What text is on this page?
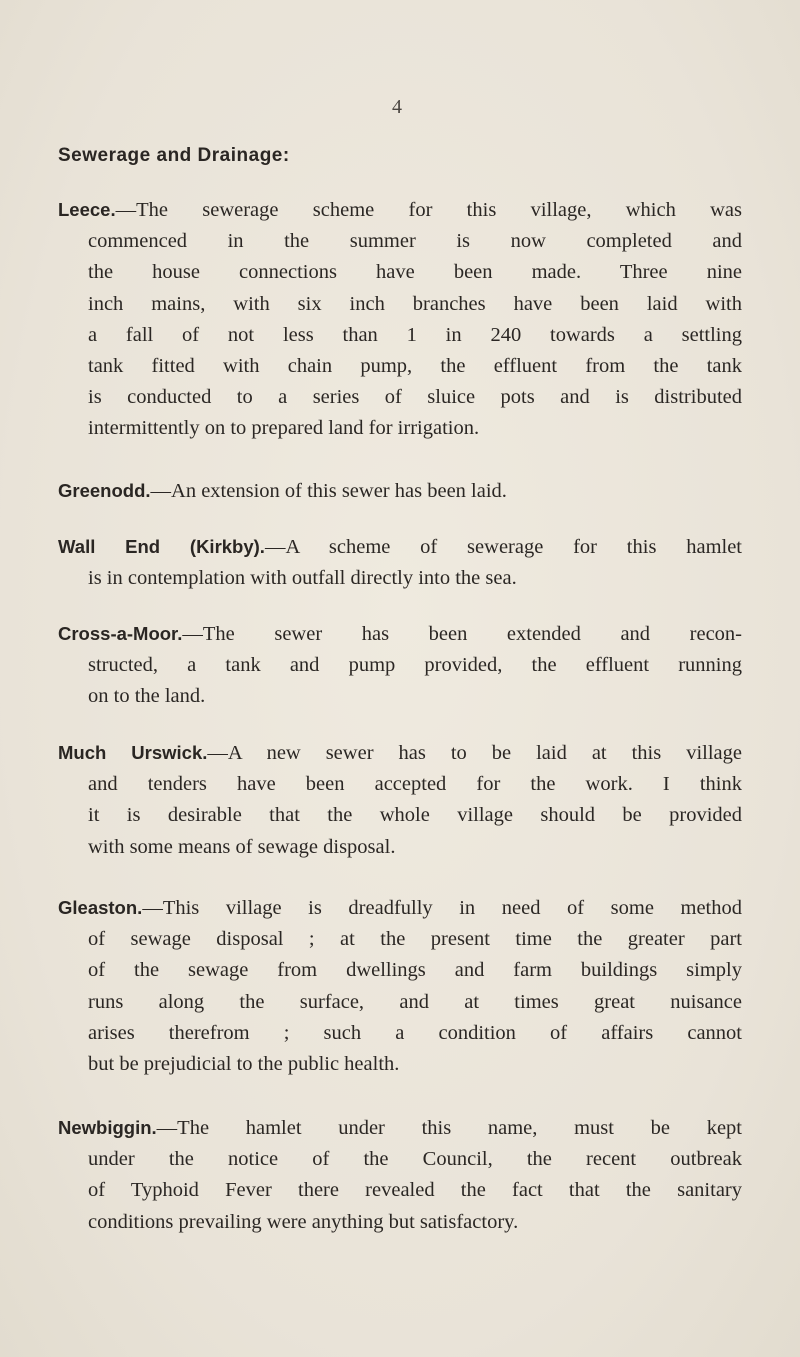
4
Sewerage and Drainage:
Leece.—The sewerage scheme for this village, which was
commenced in the summer is now completed and
the house connections have been made. Three nine
inch mains, with six inch branches have been laid with
a fall of not less than 1 in 240 towards a settling
tank fitted with chain pump, the effluent from the tank
is conducted to a series of sluice pots and is distributed
intermittently on to prepared land for irrigation.
Greenodd.—An extension of this sewer has been laid.
Wall End (Kirkby).—A scheme of sewerage for this hamlet
is in contemplation with outfall directly into the sea.
Cross-a-Moor.—The sewer has been extended and recon-
structed, a tank and pump provided, the effluent running
on to the land.
Much Urswick.—A new sewer has to be laid at this village
and tenders have been accepted for the work. I think
it is desirable that the whole village should be provided
with some means of sewage disposal.
Gleaston.—This village is dreadfully in need of some method
of sewage disposal ; at the present time the greater part
of the sewage from dwellings and farm buildings simply
runs along the surface, and at times great nuisance
arises therefrom ; such a condition of affairs cannot
but be prejudicial to the public health.
Newbiggin.—The hamlet under this name, must be kept
under the notice of the Council, the recent outbreak
of Typhoid Fever there revealed the fact that the sanitary
conditions prevailing were anything but satisfactory.
